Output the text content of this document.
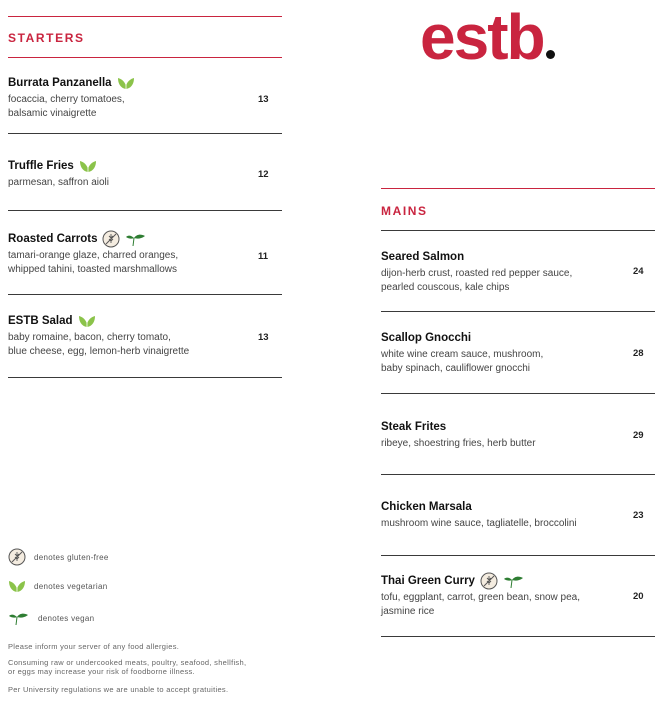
STARTERS
Burrata Panzanella
focaccia, cherry tomatoes,
balsamic vinaigrette
13
Truffle Fries
parmesan, saffron aioli
12
Roasted Carrots
tamari-orange glaze, charred oranges,
whipped tahini, toasted marshmallows
11
ESTB Salad
baby romaine, bacon, cherry tomato,
blue cheese, egg, lemon-herb vinaigrette
13
denotes gluten-free
denotes vegetarian
denotes vegan
Please inform your server of any food allergies.
Consuming raw or undercooked meats, poultry, seafood, shellfish,
or eggs may increase your risk of foodborne illness.
Per University regulations we are unable to accept gratuities.
estb
MAINS
Seared Salmon
dijon-herb crust, roasted red pepper sauce,
pearled couscous, kale chips
24
Scallop Gnocchi
white wine cream sauce, mushroom,
baby spinach, cauliflower gnocchi
28
Steak Frites
ribeye, shoestring fries, herb butter
29
Chicken Marsala
mushroom wine sauce, tagliatelle, broccolini
23
Thai Green Curry
tofu, eggplant, carrot, green bean, snow pea,
jasmine rice
20
